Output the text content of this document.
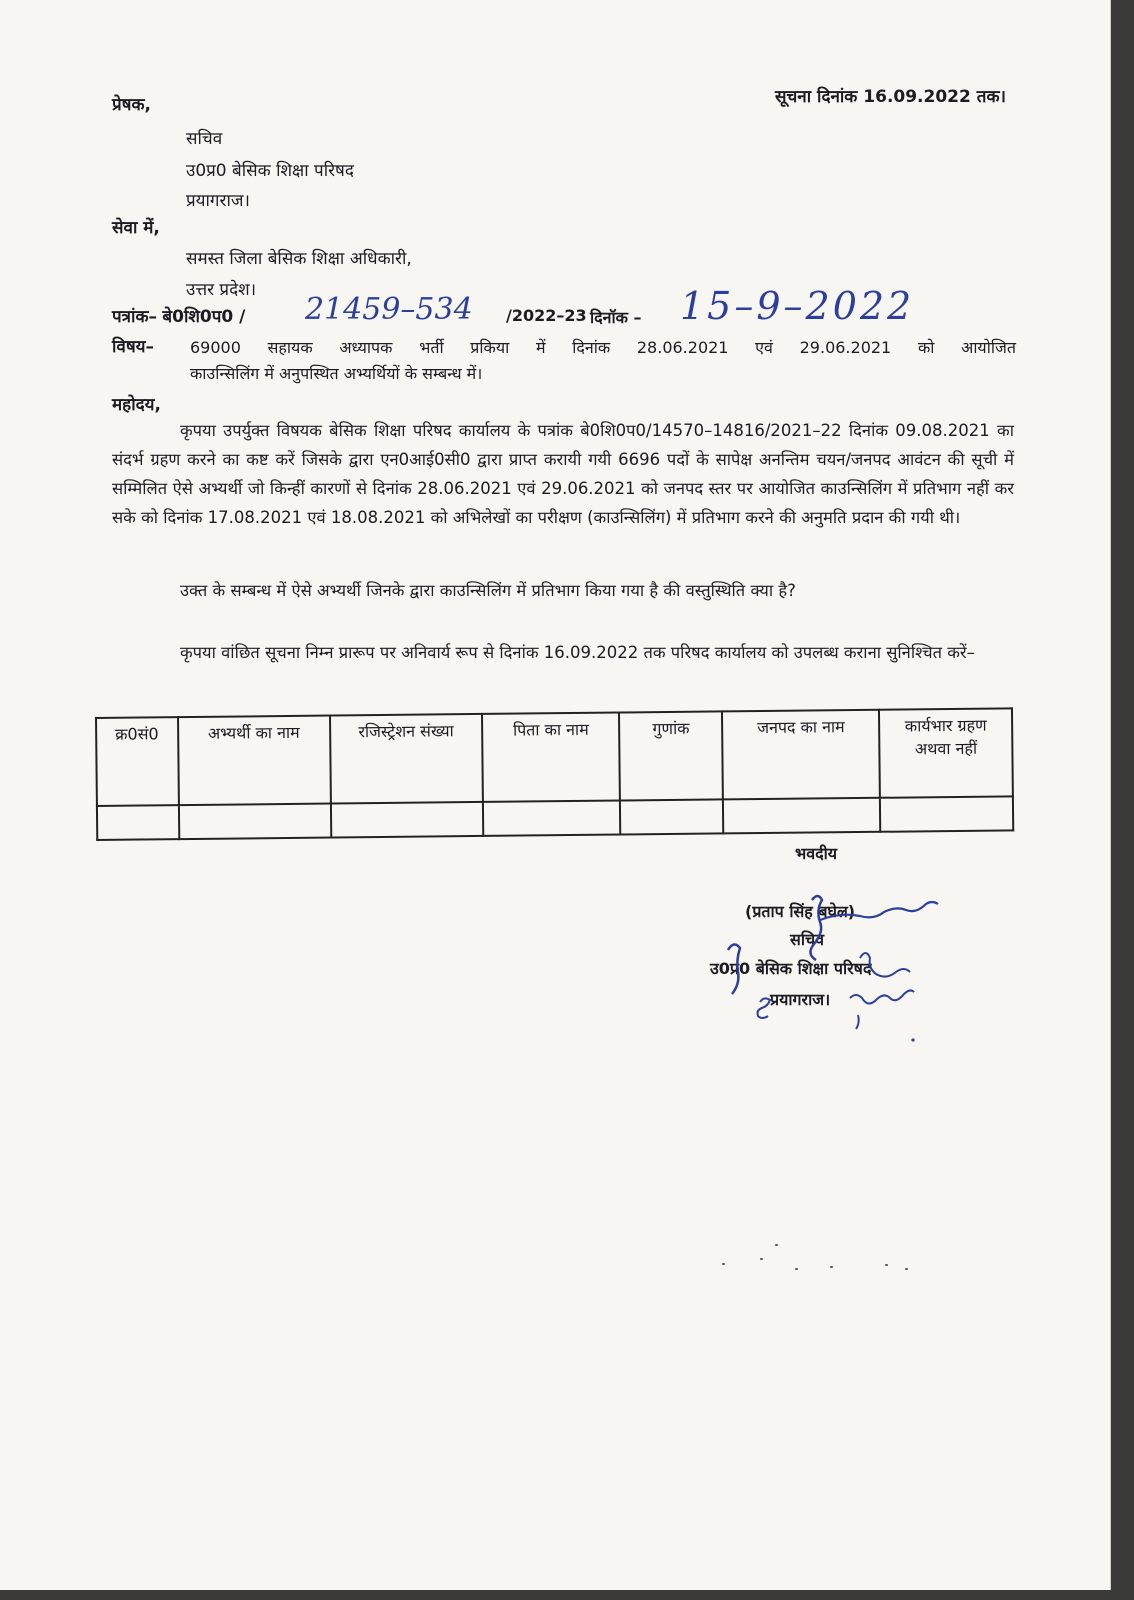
सूचना दिनांक 16.09.2022 तक।
प्रेषक,
सचिव
उ0प्र0 बेसिक शिक्षा परिषद
प्रयागराज।
सेवा में,
समस्त जिला बेसिक शिक्षा अधिकारी,
उत्तर प्रदेश।
पत्रांक– बे0शि0प0 / 21459–534 /2022–23 दिनॉक – 15–9–2022
विषय– 69000 सहायक अध्यापक भर्ती प्रकिया में दिनांक 28.06.2021 एवं 29.06.2021 को आयोजित
काउन्सिलिंग में अनुपस्थित अभ्यर्थियों के सम्बन्ध में।
महोदय,
कृपया उपर्युक्त विषयक बेसिक शिक्षा परिषद कार्यालय के पत्रांक बे0शि0प0/14570–14816/2021–22 दिनांक 09.08.2021 का संदर्भ ग्रहण करने का कष्ट करें जिसके द्वारा एन0आई0सी0 द्वारा प्राप्त करायी गयी 6696 पदों के सापेक्ष अनन्तिम चयन/जनपद आवंटन की सूची में सम्मिलित ऐसे अभ्यर्थी जो किन्हीं कारणों से दिनांक 28.06.2021 एवं 29.06.2021 को जनपद स्तर पर आयोजित काउन्सिलिंग में प्रतिभाग नहीं कर सके को दिनांक 17.08.2021 एवं 18.08.2021 को अभिलेखों का परीक्षण (काउन्सिलिंग) में प्रतिभाग करने की अनुमति प्रदान की गयी थी।
उक्त के सम्बन्ध में ऐसे अभ्यर्थी जिनके द्वारा काउन्सिलिंग में प्रतिभाग किया गया है की वस्तुस्थिति क्या है?
कृपया वांछित सूचना निम्न प्रारूप पर अनिवार्य रूप से दिनांक 16.09.2022 तक परिषद कार्यालय को उपलब्ध कराना सुनिश्चित करें–
क्र0सं0	अभ्यर्थी का नाम	रजिस्ट्रेशन संख्या	पिता का नाम	गुणांक	जनपद का नाम	कार्यभार ग्रहण अथवा नहीं

भवदीय
(प्रताप सिंह बघेल)
सचिव
उ0प्र0 बेसिक शिक्षा परिषद
प्रयागराज।
